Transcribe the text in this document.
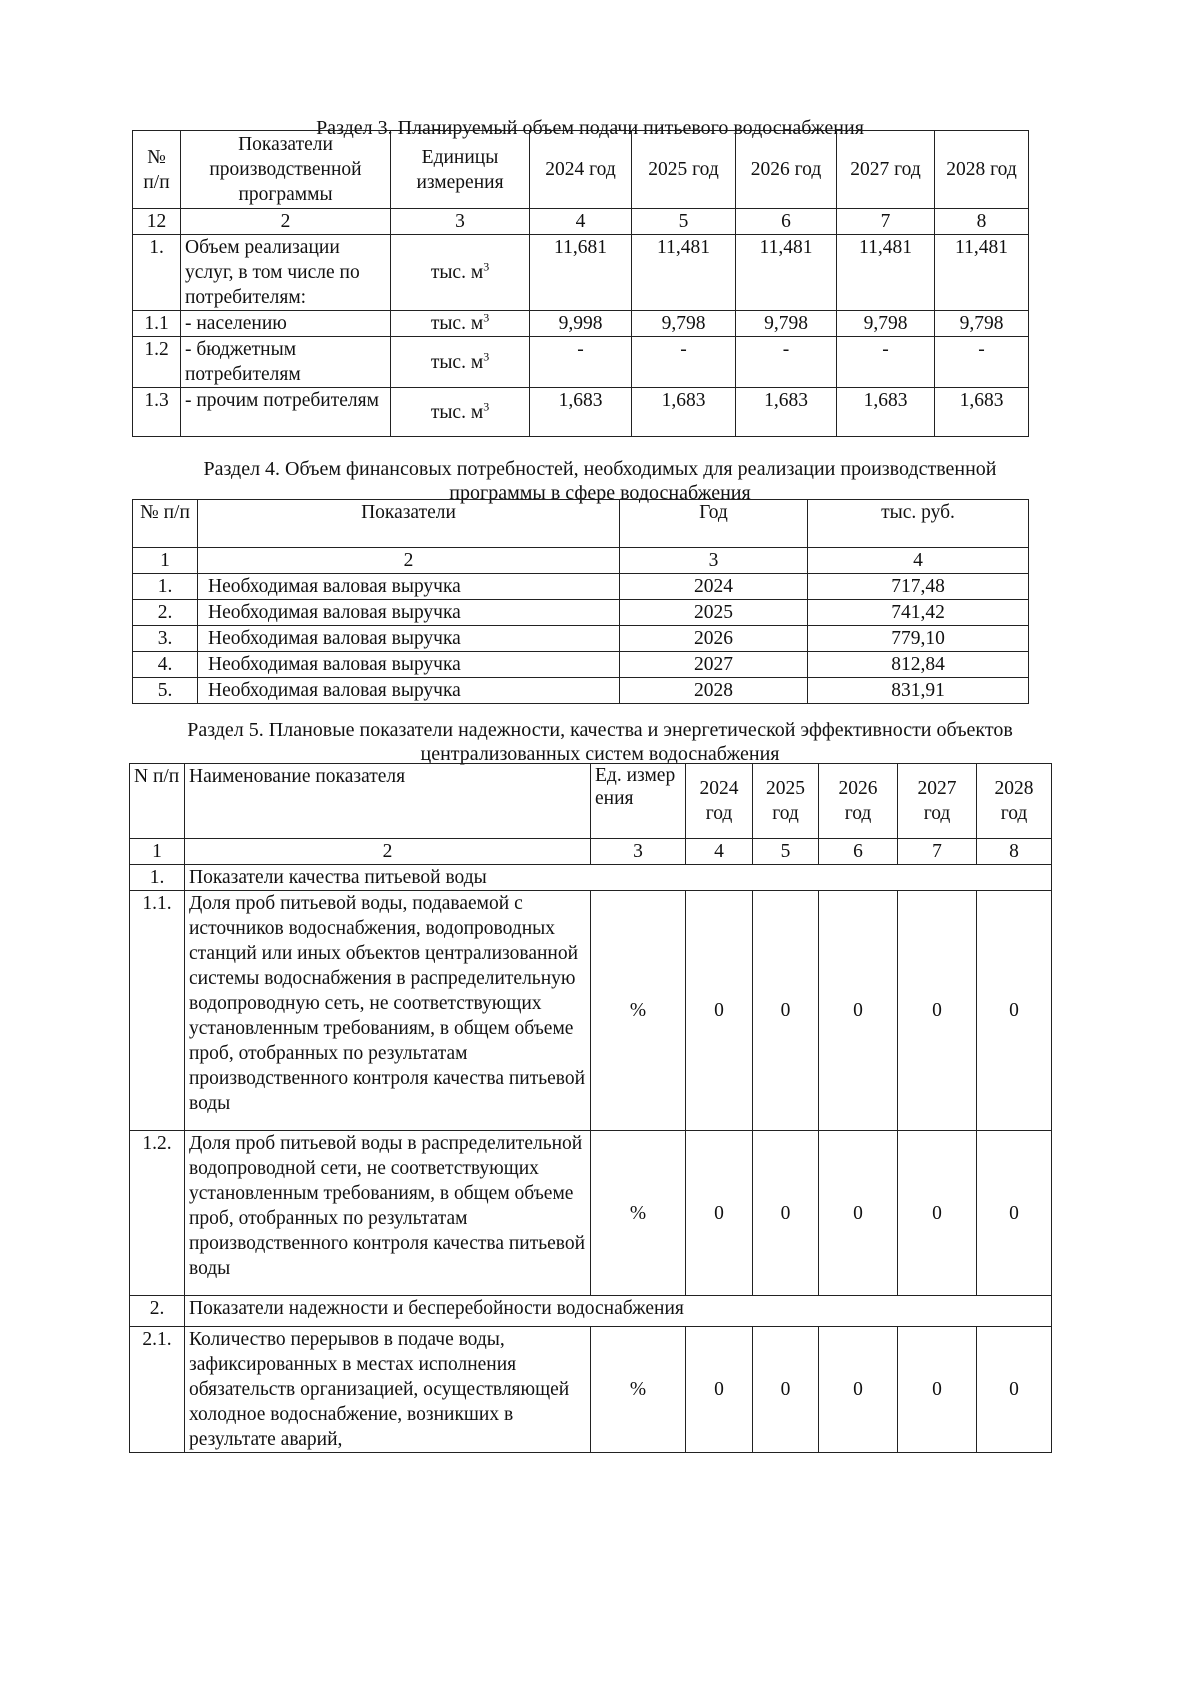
Раздел 3. Планируемый объем подачи питьевого водоснабжения
№ п/п	Показатели производственной программы	Единицы измерения	2024 год	2025 год	2026 год	2027 год	2028 год
12	2	3	4	5	6	7	8
1.	Объем реализации услуг, в том числе по потребителям:	тыс. $м^3$	11,681	11,481	11,481	11,481	11,481
1.1	- населению	тыс. $м^3$	9,998	9,798	9,798	9,798	9,798
1.2	- бюджетным потребителям	тыс. $м^3$	-	-	-	-	-
1.3	- прочим потребителям	тыс. $м^3$	1,683	1,683	1,683	1,683	1,683
Раздел 4. Объем финансовых потребностей, необходимых для реализации производственной
программы в сфере водоснабжения
№ п/п	Показатели	Год	тыс. руб.
1	2	3	4
1.	Необходимая валовая выручка	2024	717,48
2.	Необходимая валовая выручка	2025	741,42
3.	Необходимая валовая выручка	2026	779,10
4.	Необходимая валовая выручка	2027	812,84
5.	Необходимая валовая выручка	2028	831,91
Раздел 5. Плановые показатели надежности, качества и энергетической эффективности объектов
централизованных систем водоснабжения
N п/п	Наименование показателя	Ед. измерения	2024 год	2025 год	2026 год	2027 год	2028 год
1	2	3	4	5	6	7	8
1.	Показатели качества питьевой воды						
1.1.	Доля проб питьевой воды, подаваемой с источников водоснабжения, водопроводных станций или иных объектов централизованной системы водоснабжения в распределительную водопроводную сеть, не соответствующих установленным требованиям, в общем объеме проб, отобранных по результатам производственного контроля качества питьевой воды	%	0	0	0	0	0
1.2.	Доля проб питьевой воды в распределительной водопроводной сети, не соответствующих установленным требованиям, в общем объеме проб, отобранных по результатам производственного контроля качества питьевой воды	%	0	0	0	0	0
2.	Показатели надежности и бесперебойности водоснабжения						
2.1.	Количество перерывов в подаче воды, зафиксированных в местах исполнения обязательств организацией, осуществляющей холодное водоснабжение, возникших в результате аварий,	%	0	0	0	0	0
